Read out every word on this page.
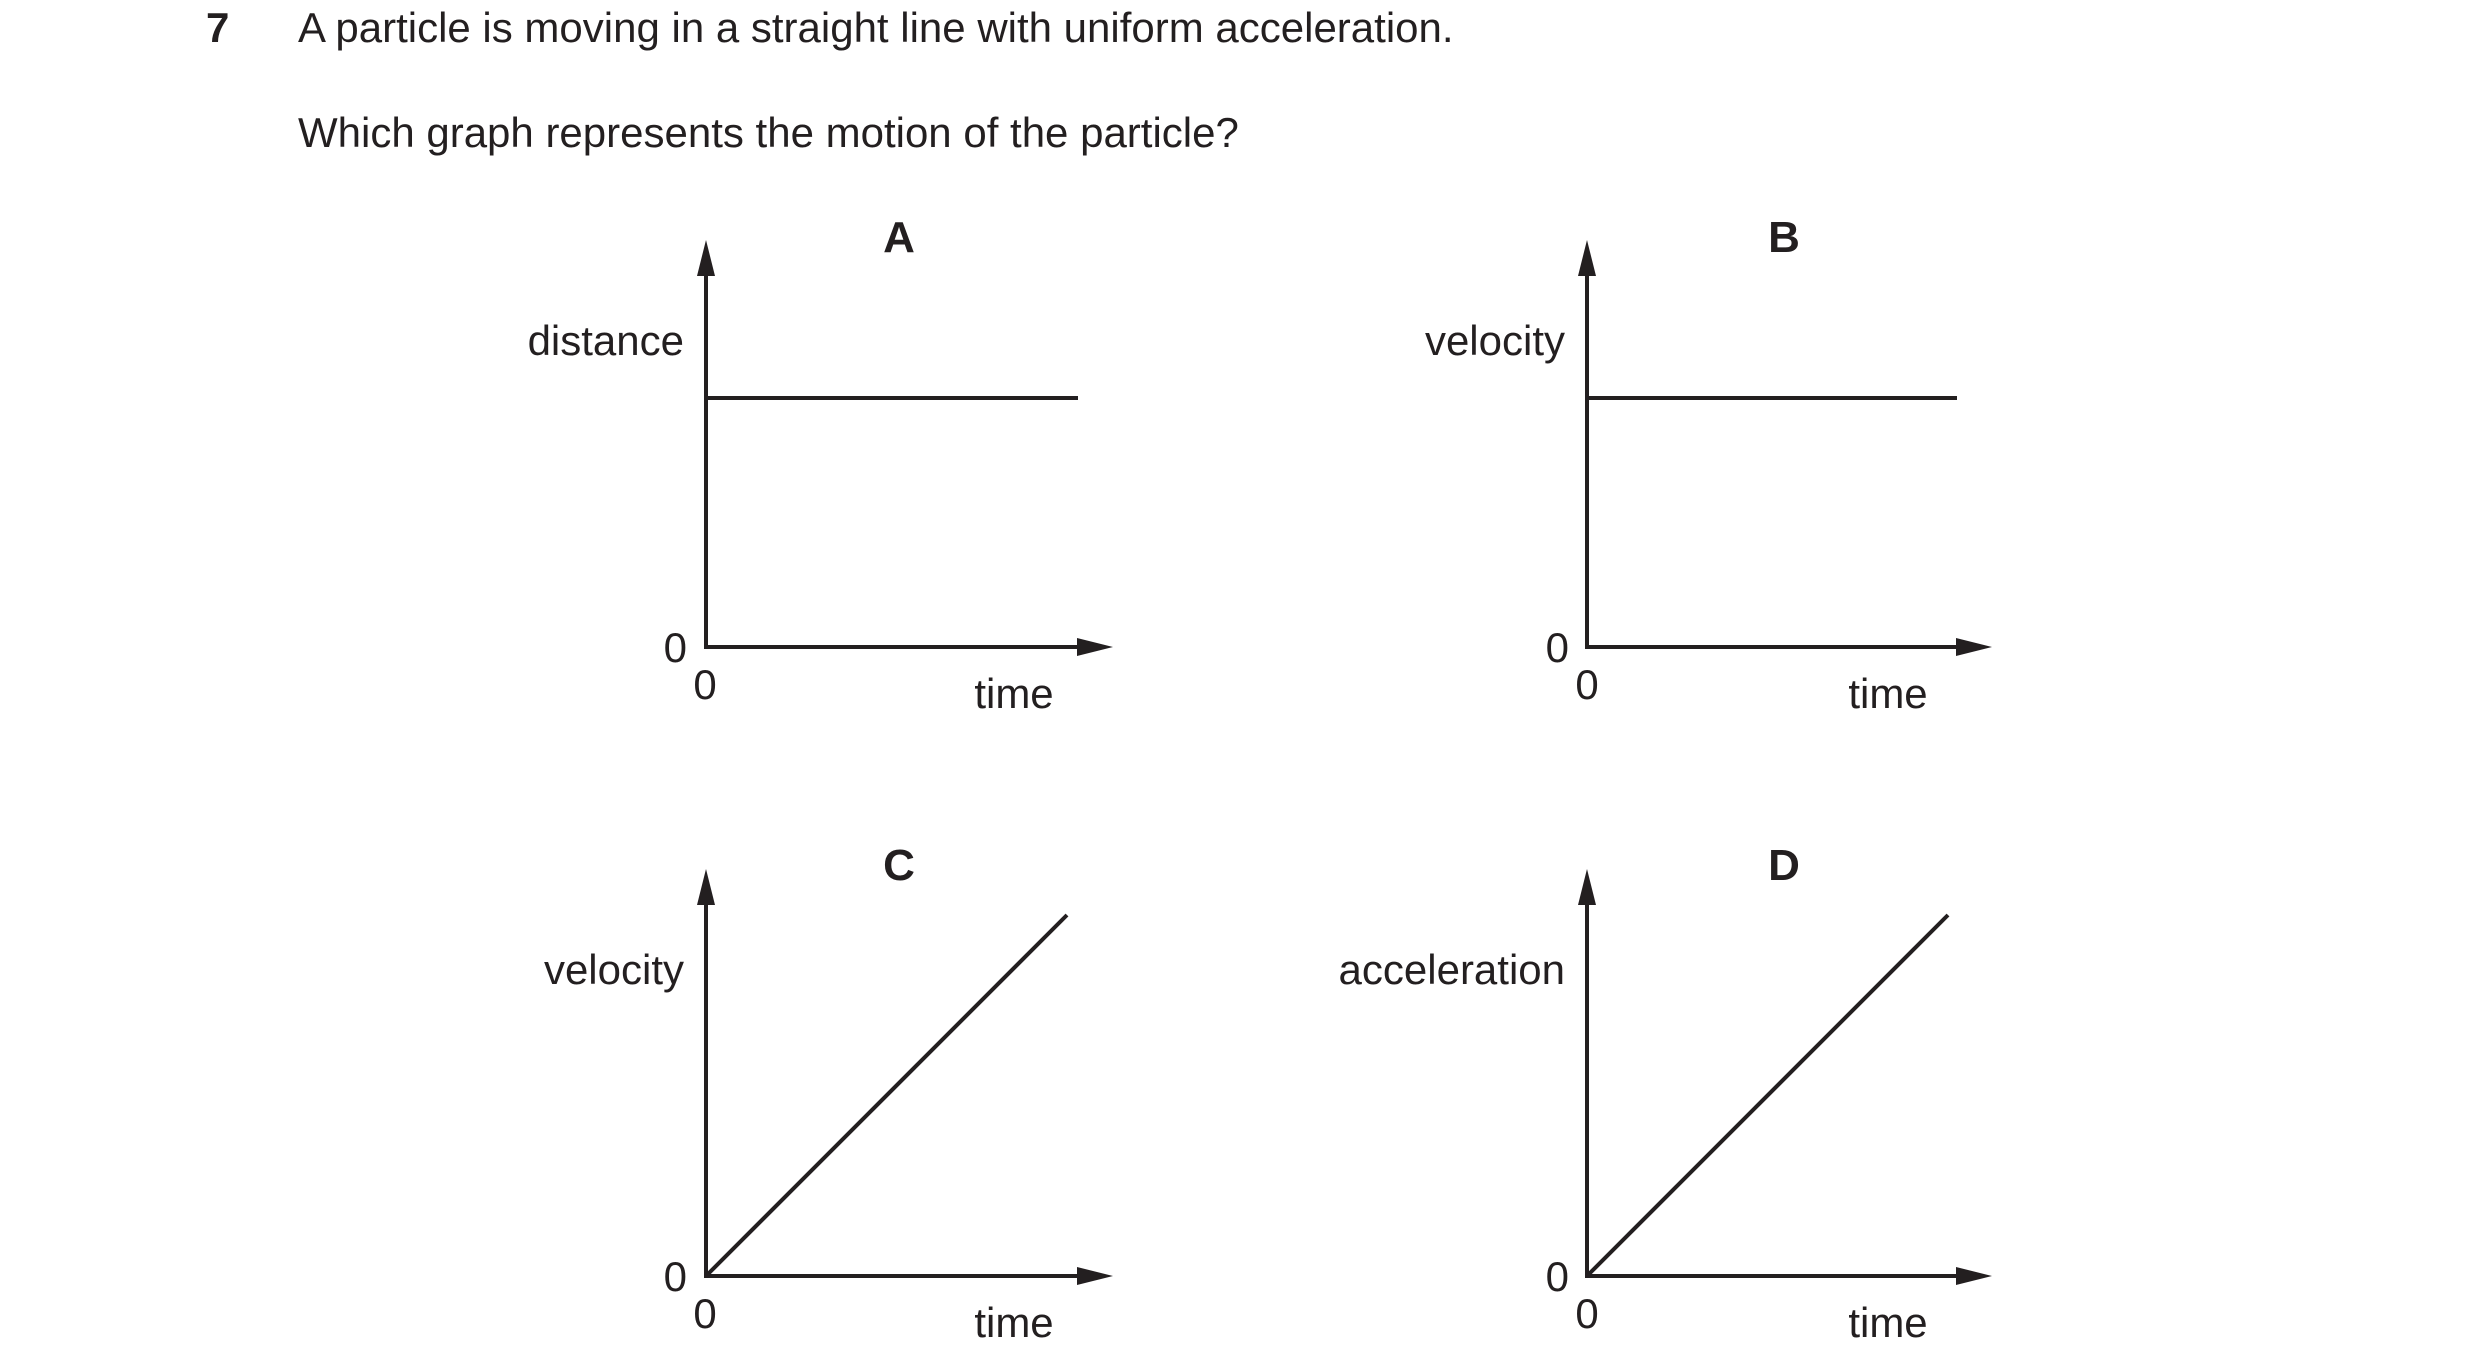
7 A particle is moving in a straight line with uniform acceleration.
Which graph represents the motion of the particle?
A
distance
0
0	time
B
velocity
0
0	time
C
velocity
0
0	time
D
acceleration
0
0	time
